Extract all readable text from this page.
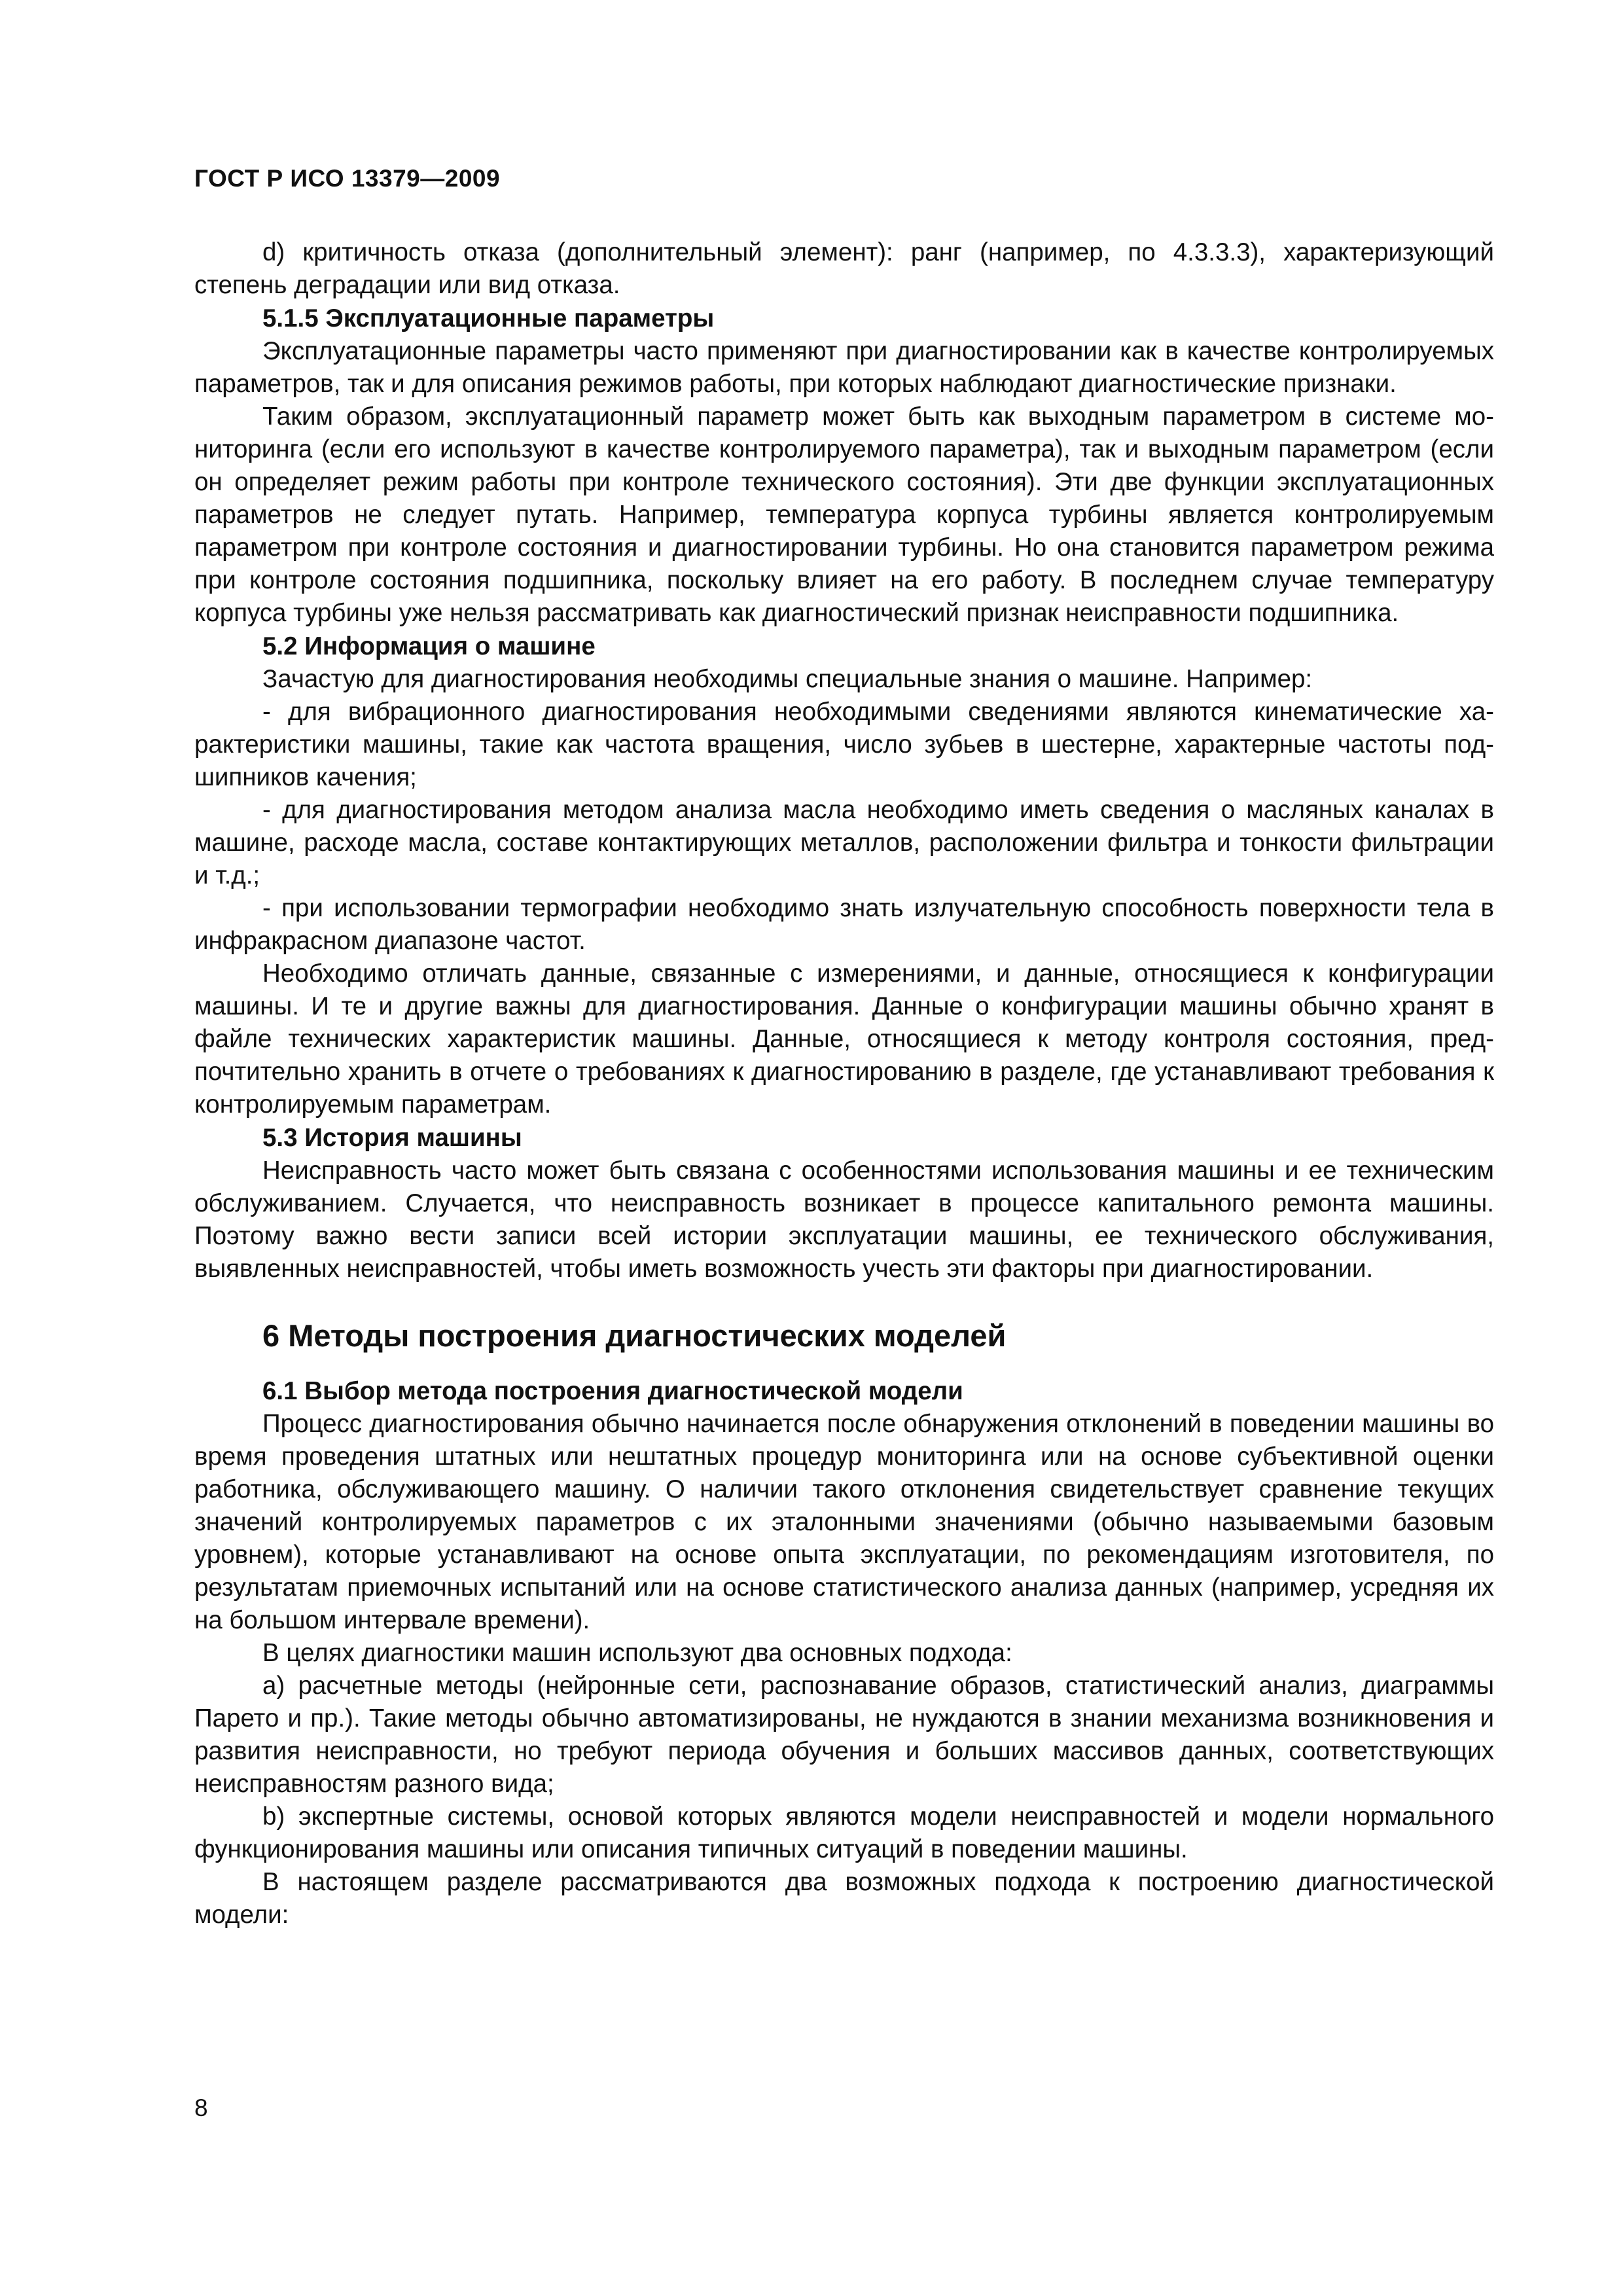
ГОСТ Р ИСО 13379—2009

d) критичность отказа (дополнительный элемент): ранг (например, по 4.3.3.3), характеризующий степень деградации или вид отказа.

5.1.5 Эксплуатационные параметры

Эксплуатационные параметры часто применяют при диагностировании как в качестве контролируемых параметров, так и для описания режимов работы, при которых наблюдают диагностические признаки.

Таким образом, эксплуатационный параметр может быть как выходным параметром в системе мониторинга (если его используют в качестве контролируемого параметра), так и выходным параметром (если он определяет режим работы при контроле технического состояния). Эти две функции эксплуатационных параметров не следует путать. Например, температура корпуса турбины является контролируемым параметром при контроле состояния и диагностировании турбины. Но она становится параметром режима при контроле состояния подшипника, поскольку влияет на его работу. В последнем случае температуру корпуса турбины уже нельзя рассматривать как диагностический признак неисправности подшипника.

5.2 Информация о машине

Зачастую для диагностирования необходимы специальные знания о машине. Например:

- для вибрационного диагностирования необходимыми сведениями являются кинематические характеристики машины, такие как частота вращения, число зубьев в шестерне, характерные частоты подшипников качения;

- для диагностирования методом анализа масла необходимо иметь сведения о масляных каналах в машине, расходе масла, составе контактирующих металлов, расположении фильтра и тонкости фильтрации и т.д.;

- при использовании термографии необходимо знать излучательную способность поверхности тела в инфракрасном диапазоне частот.

Необходимо отличать данные, связанные с измерениями, и данные, относящиеся к конфигурации машины. И те и другие важны для диагностирования. Данные о конфигурации машины обычно хранят в файле технических характеристик машины. Данные, относящиеся к методу контроля состояния, предпочтительно хранить в отчете о требованиях к диагностированию в разделе, где устанавливают требования к контролируемым параметрам.

5.3 История машины

Неисправность часто может быть связана с особенностями использования машины и ее техническим обслуживанием. Случается, что неисправность возникает в процессе капитального ремонта машины. Поэтому важно вести записи всей истории эксплуатации машины, ее технического обслуживания, выявленных неисправностей, чтобы иметь возможность учесть эти факторы при диагностировании.

6 Методы построения диагностических моделей
6.1 Выбор метода построения диагностической модели

Процесс диагностирования обычно начинается после обнаружения отклонений в поведении машины во время проведения штатных или нештатных процедур мониторинга или на основе субъективной оценки работника, обслуживающего машину. О наличии такого отклонения свидетельствует сравнение текущих значений контролируемых параметров с их эталонными значениями (обычно называемыми базовым уровнем), которые устанавливают на основе опыта эксплуатации, по рекомендациям изготовителя, по результатам приемочных испытаний или на основе статистического анализа данных (например, усредняя их на большом интервале времени).

В целях диагностики машин используют два основных подхода:

a) расчетные методы (нейронные сети, распознавание образов, статистический анализ, диаграммы Парето и пр.). Такие методы обычно автоматизированы, не нуждаются в знании механизма возникновения и развития неисправности, но требуют периода обучения и больших массивов данных, соответствующих неисправностям разного вида;

b) экспертные системы, основой которых являются модели неисправностей и модели нормального функционирования машины или описания типичных ситуаций в поведении машины.

В настоящем разделе рассматриваются два возможных подхода к построению диагностической модели:

8
